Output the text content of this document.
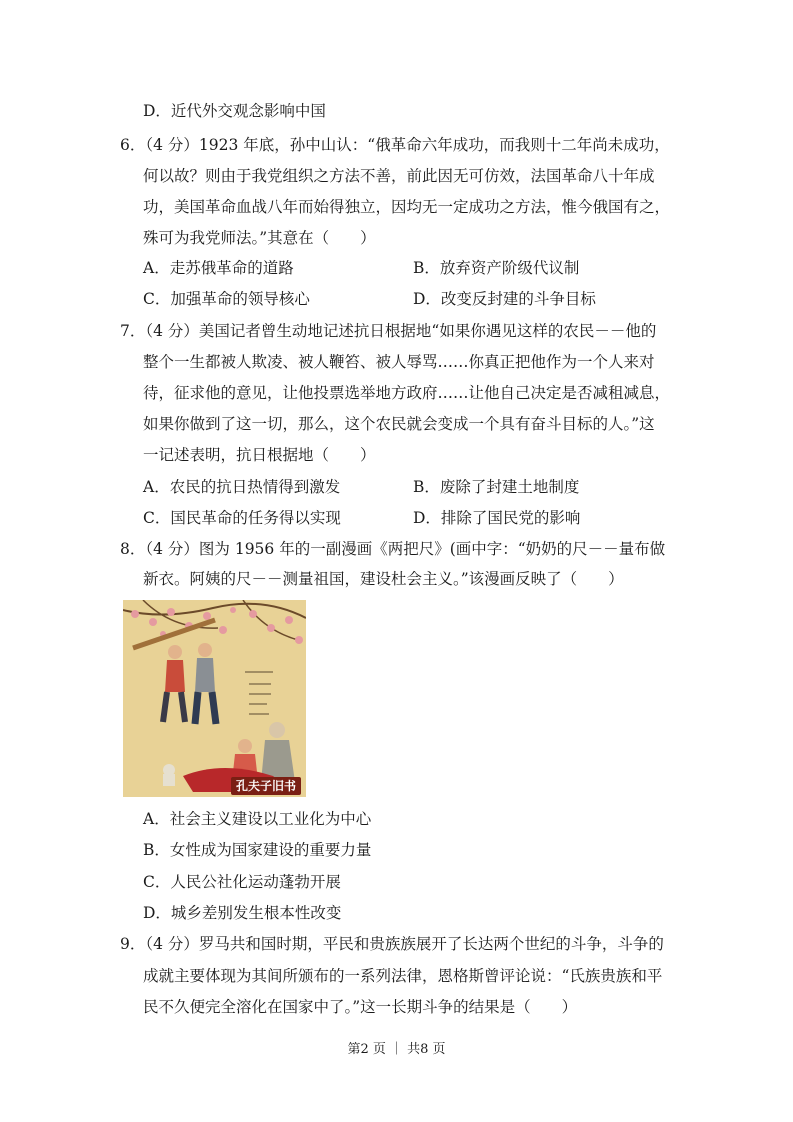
D．近代外交观念影响中国
6．（4 分）1923 年底，孙中山认：“俄革命六年成功，而我则十二年尚未成功，
何以故？则由于我党组织之方法不善，前此因无可仿效，法国革命八十年成
功，美国革命血战八年而始得独立，因均无一定成功之方法，惟今俄国有之，
殊可为我党师法。”其意在（　　）
A．走苏俄革命的道路	B．放弃资产阶级代议制
C．加强革命的领导核心	D．改变反封建的斗争目标
7．（4 分）美国记者曾生动地记述抗日根据地“如果你遇见这样的农民－－他的
整个一生都被人欺凌、被人鞭笞、被人辱骂……你真正把他作为一个人来对
待，征求他的意见，让他投票选举地方政府……让他自己决定是否减租减息，
如果你做到了这一切，那么，这个农民就会变成一个具有奋斗目标的人。”这
一记述表明，抗日根据地（　　）
A．农民的抗日热情得到激发	B．废除了封建土地制度
C．国民革命的任务得以实现	D．排除了国民党的影响
8．（4 分）图为 1956 年的一副漫画《两把尺》(画中字：“奶奶的尺－－量布做
新衣。阿姨的尺－－测量祖国，建设杜会主义。”该漫画反映了（　　）
孔夫子旧书
A．社会主义建设以工业化为中心
B．女性成为国家建设的重要力量
C．人民公社化运动蓬勃开展
D．城乡差别发生根本性改变
9．（4 分）罗马共和国时期，平民和贵族族展开了长达两个世纪的斗争，斗争的
成就主要体现为其间所颁布的一系列法律，恩格斯曾评论说：“氏族贵族和平
民不久便完全溶化在国家中了。”这一长期斗争的结果是（　　）
第2 页 ｜ 共8 页
